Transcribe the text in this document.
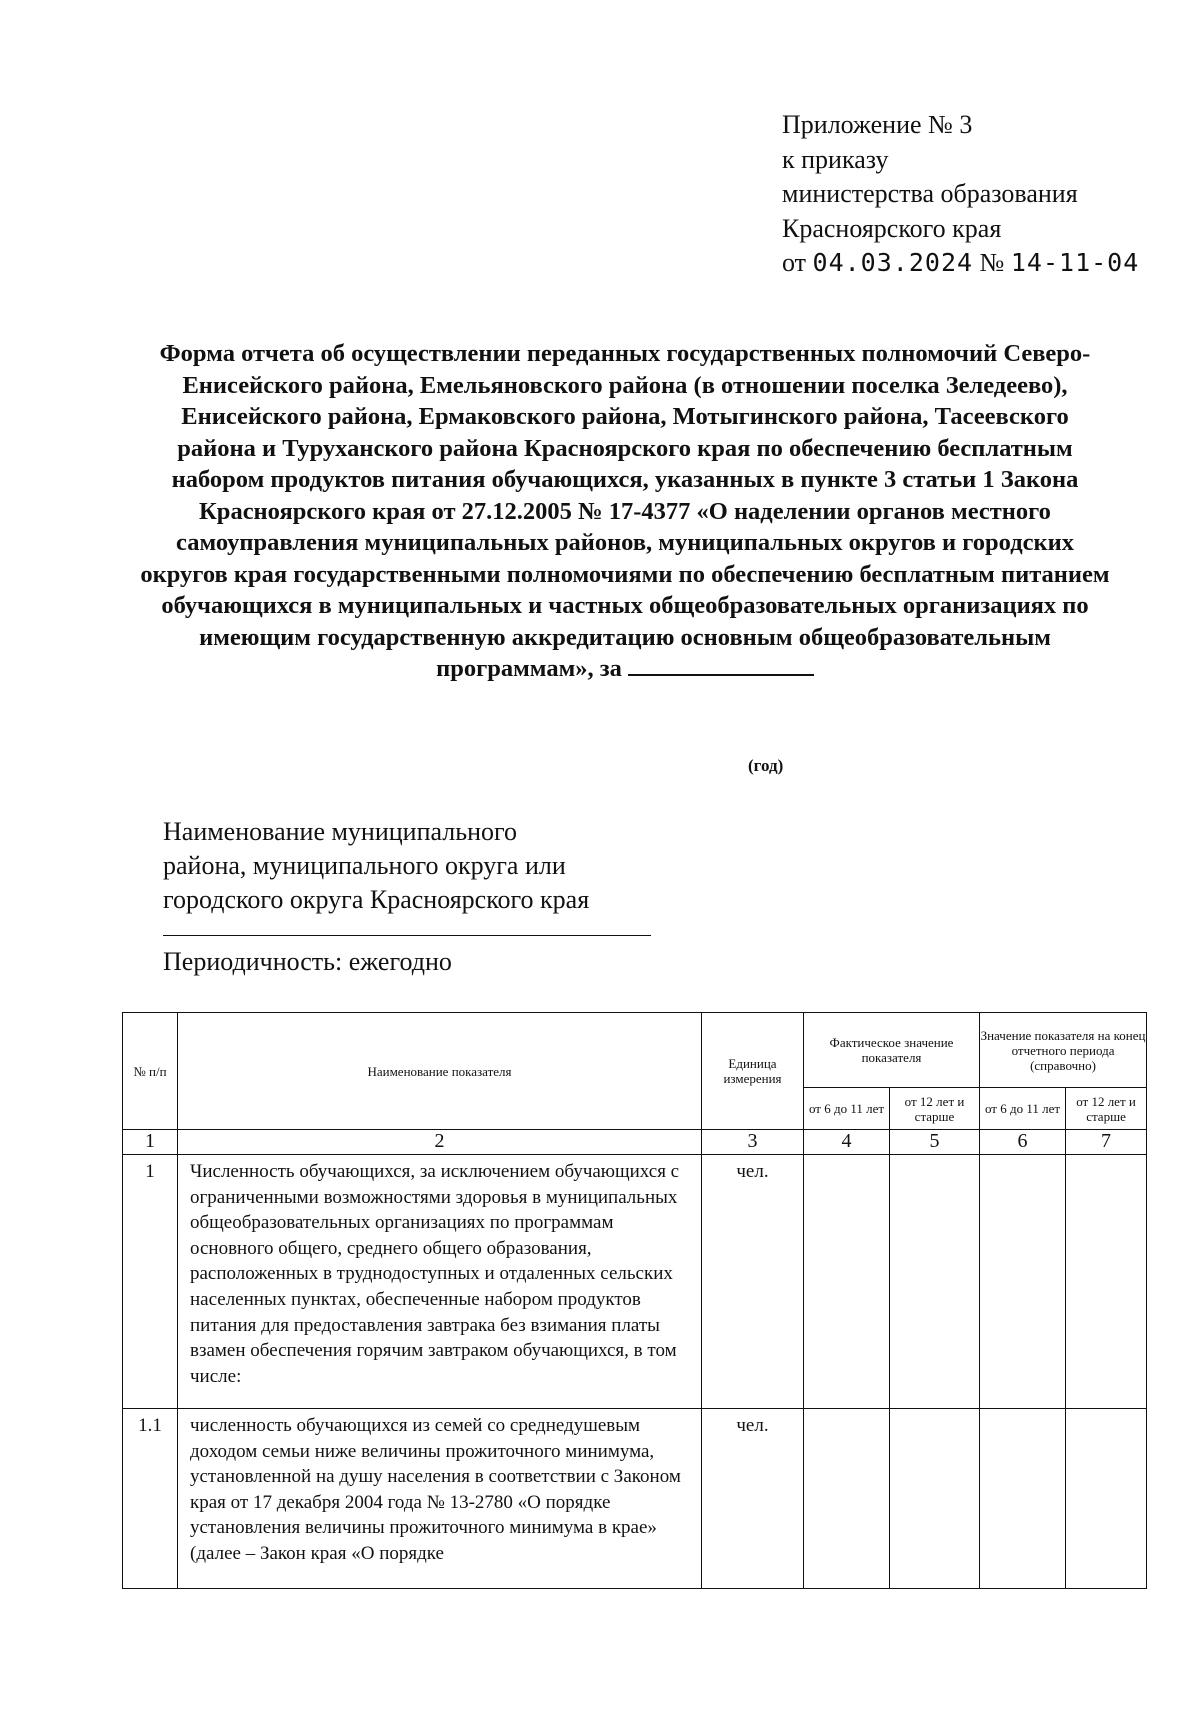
Приложение № 3
к приказу
министерства образования
Красноярского края
от 04.03.2024 № 14-11-04
Форма отчета об осуществлении переданных государственных полномочий Северо-Енисейского района, Емельяновского района (в отношении поселка Зеледеево), Енисейского района, Ермаковского района, Мотыгинского района, Тасеевского района и Туруханского района Красноярского края по обеспечению бесплатным набором продуктов питания обучающихся, указанных в пункте 3 статьи 1 Закона Красноярского края от 27.12.2005 № 17-4377 «О наделении органов местного самоуправления муниципальных районов, муниципальных округов и городских округов края государственными полномочиями по обеспечению бесплатным питанием обучающихся в муниципальных и частных общеобразовательных организациях по имеющим государственную аккредитацию основным общеобразовательным программам», за
(год)
Наименование муниципального
района, муниципального округа или
городского округа Красноярского края
Периодичность: ежегодно
№ п/п	Наименование показателя	Единица измерения	Фактическое значение показателя		Значение показателя на конец отчетного периода (справочно)	
			от 6 до 11 лет	от 12 лет и старше	от 6 до 11 лет	от 12 лет и старше
1	2	3	4	5	6	7
1	Численность обучающихся, за исключением обучающихся с ограниченными возможностями здоровья в муниципальных общеобразовательных организациях по программам основного общего, среднего общего образования, расположенных в труднодоступных и отдаленных сельских населенных пунктах, обеспеченные набором продуктов питания для предоставления завтрака без взимания платы взамен обеспечения горячим завтраком обучающихся, в том числе:	чел.				
1.1	численность обучающихся из семей со среднедушевым доходом семьи ниже величины прожиточного минимума, установленной на душу населения в соответствии с Законом края от 17 декабря 2004 года № 13-2780 «О порядке установления величины прожиточного минимума в крае» (далее – Закон края «О порядке	чел.				
